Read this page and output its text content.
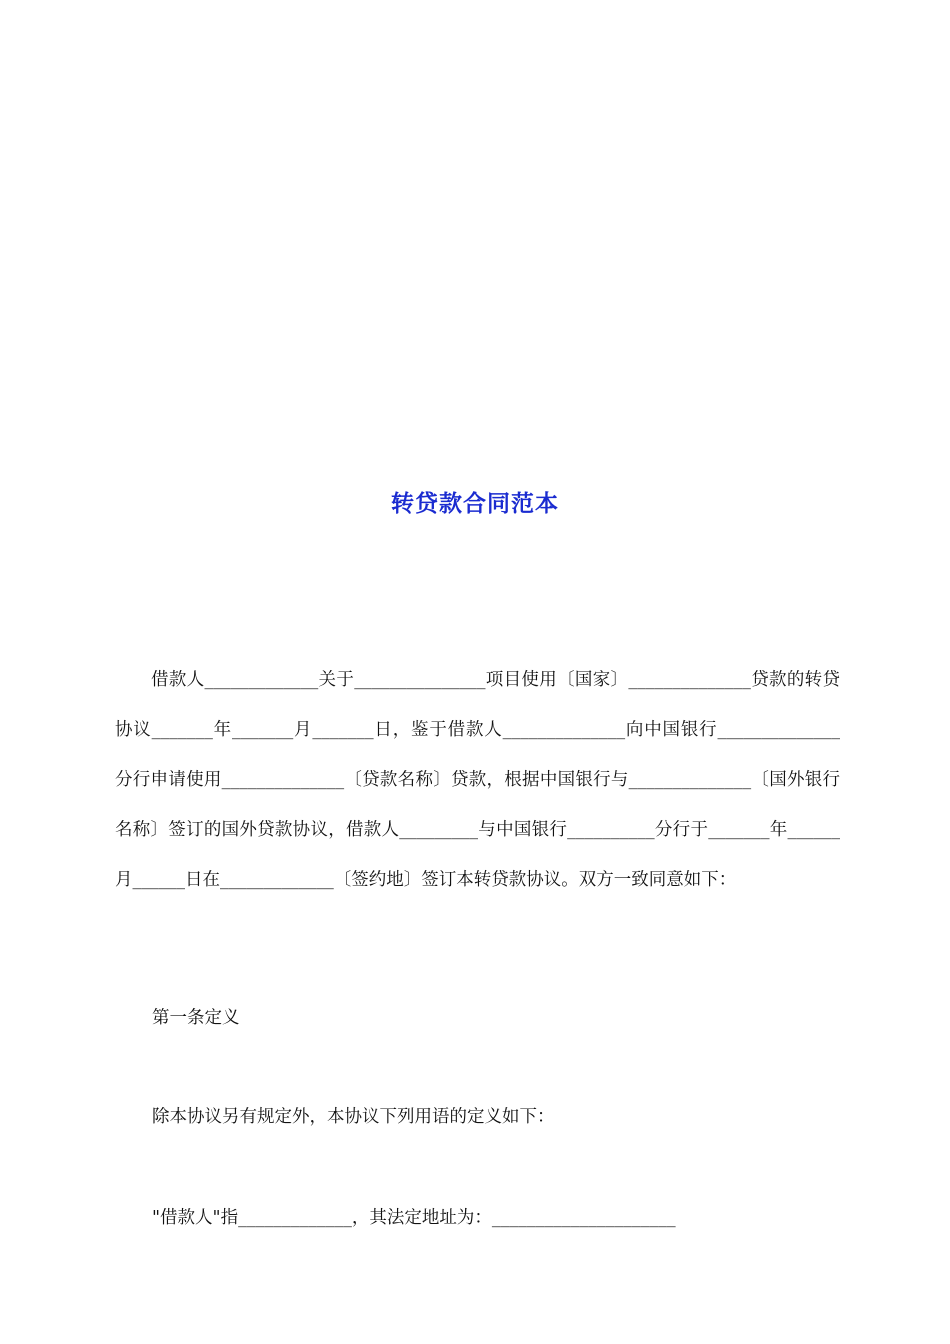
转贷款合同范本

借款人_____________关于_______________项目使用〔国家〕______________贷款的转贷协议_______年_______月_______日，鉴于借款人______________向中国银行______________分行申请使用______________〔贷款名称〕贷款，根据中国银行与______________〔国外银行名称〕签订的国外贷款协议，借款人_________与中国银行__________分行于_______年______月______日在_____________〔签约地〕签订本转贷款协议。双方一致同意如下：

第一条定义

除本协议另有规定外，本协议下列用语的定义如下：

"借款人"指_____________，其法定地址为：_____________________
